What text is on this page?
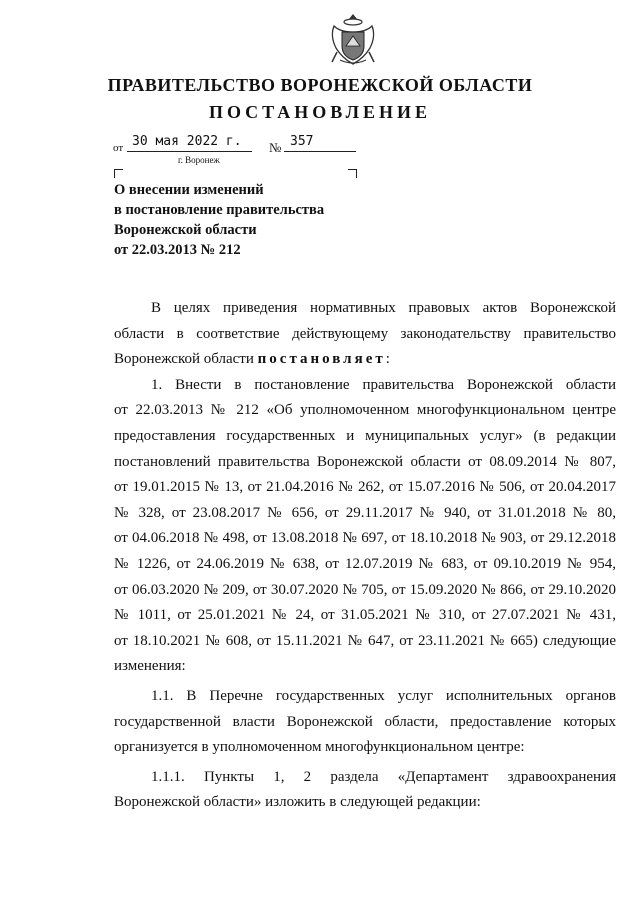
ПРАВИТЕЛЬСТВО ВОРОНЕЖСКОЙ ОБЛАСТИ
ПОСТАНОВЛЕНИЕ
от 30 мая 2022 г. № 357
г. Воронеж
О внесении изменений
в постановление правительства
Воронежской области
от 22.03.2013 № 212
В целях приведения нормативных правовых актов Воронежской
области в соответствие действующему законодательству правительство
Воронежской области постановляет:
1. Внести в постановление правительства Воронежской области
от 22.03.2013 № 212 «Об уполномоченном многофункциональном центре
предоставления государственных и муниципальных услуг» (в редакции
постановлений правительства Воронежской области от 08.09.2014 № 807,
от 19.01.2015 № 13, от 21.04.2016 № 262, от 15.07.2016 № 506, от 20.04.2017
№ 328, от 23.08.2017 № 656, от 29.11.2017 № 940, от 31.01.2018 № 80,
от 04.06.2018 № 498, от 13.08.2018 № 697, от 18.10.2018 № 903, от 29.12.2018
№ 1226, от 24.06.2019 № 638, от 12.07.2019 № 683, от 09.10.2019 № 954,
от 06.03.2020 № 209, от 30.07.2020 № 705, от 15.09.2020 № 866, от 29.10.2020
№ 1011, от 25.01.2021 № 24, от 31.05.2021 № 310, от 27.07.2021 № 431,
от 18.10.2021 № 608, от 15.11.2021 № 647, от 23.11.2021 № 665) следующие
изменения:
1.1. В Перечне государственных услуг исполнительных органов
государственной власти Воронежской области, предоставление которых
организуется в уполномоченном многофункциональном центре:
1.1.1. Пункты 1, 2 раздела «Департамент здравоохранения
Воронежской области» изложить в следующей редакции:
